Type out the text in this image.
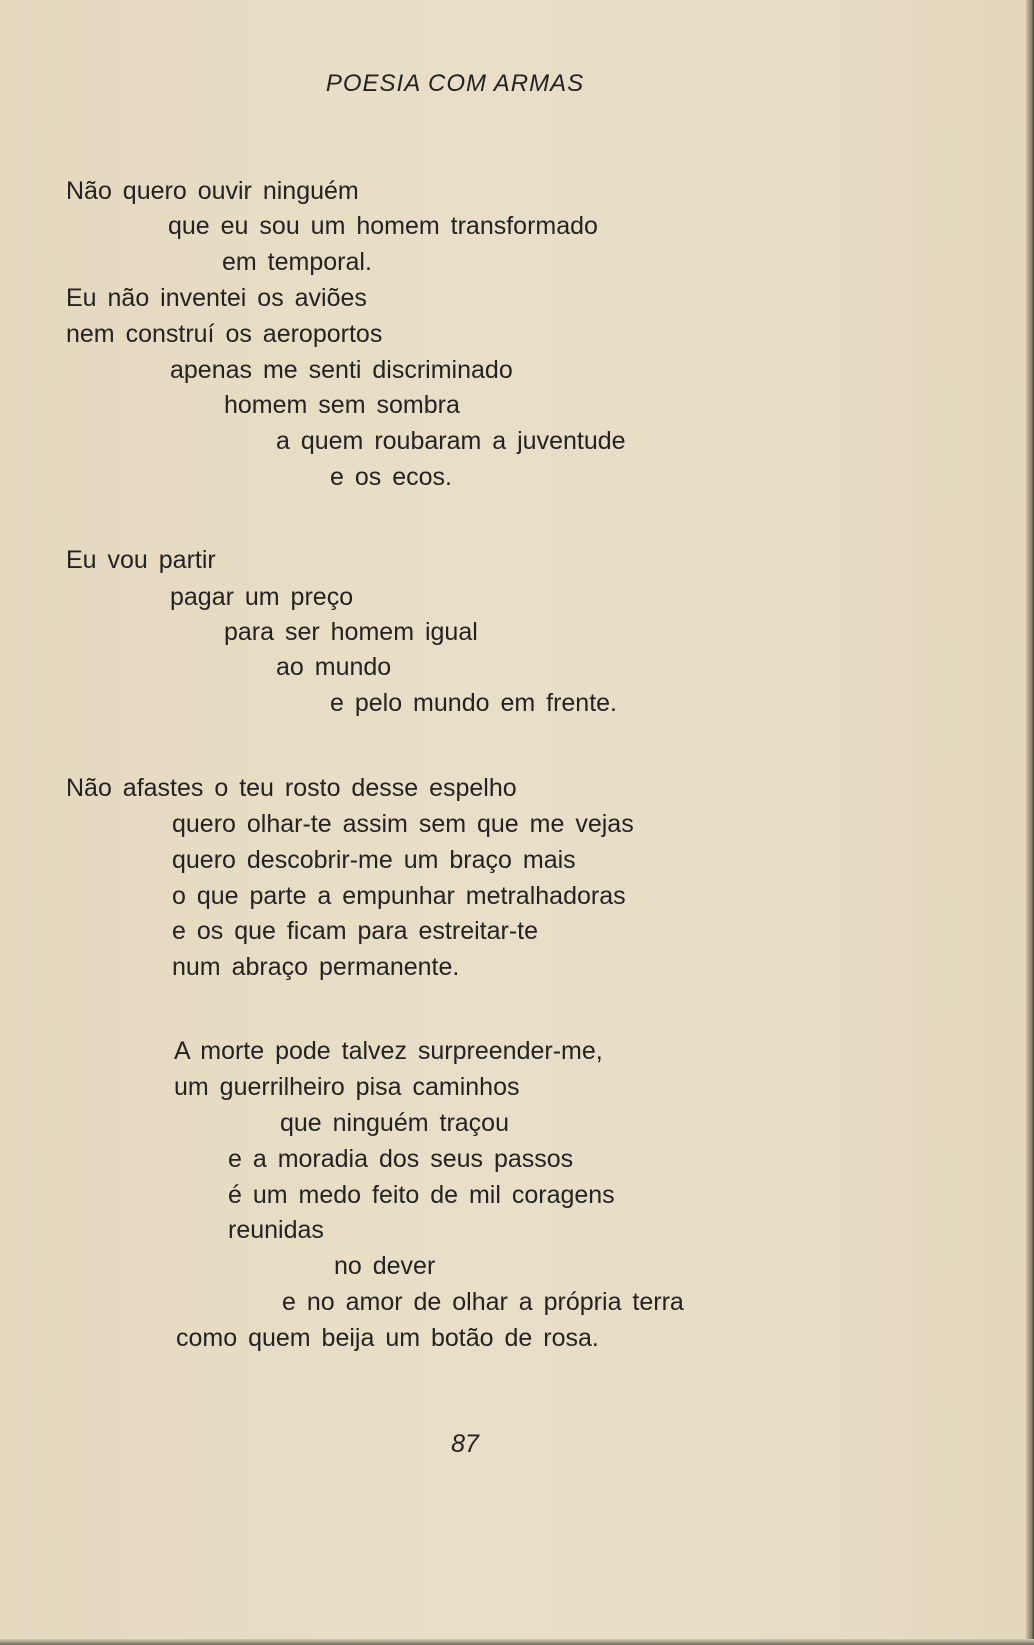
POESIA COM ARMAS
Não quero ouvir ninguém
que eu sou um homem transformado
em temporal.
Eu não inventei os aviões
nem construí os aeroportos
apenas me senti discriminado
homem sem sombra
a quem roubaram a juventude
e os ecos.
Eu vou partir
pagar um preço
para ser homem igual
ao mundo
e pelo mundo em frente.
Não afastes o teu rosto desse espelho
quero olhar-te assim sem que me vejas
quero descobrir-me um braço mais
o que parte a empunhar metralhadoras
e os que ficam para estreitar-te
num abraço permanente.
A morte pode talvez surpreender-me,
um guerrilheiro pisa caminhos
que ninguém traçou
e a moradia dos seus passos
é um medo feito de mil coragens
reunidas
no dever
e no amor de olhar a própria terra
como quem beija um botão de rosa.
87
